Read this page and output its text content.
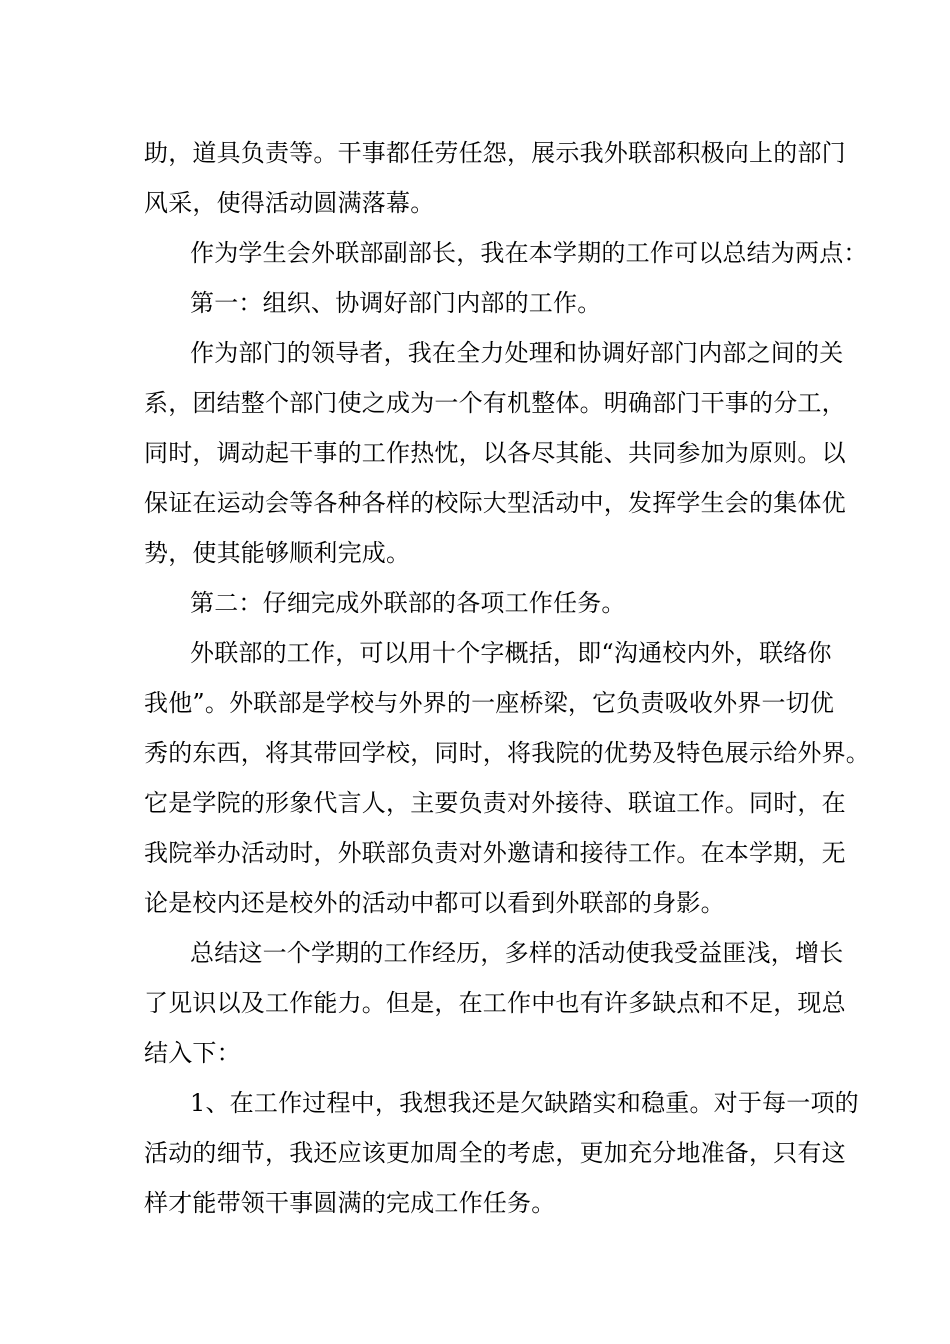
助，道具负责等。干事都任劳任怨，展示我外联部积极向上的部门
风采，使得活动圆满落幕。
作为学生会外联部副部长，我在本学期的工作可以总结为两点：
第一：组织、协调好部门内部的工作。
作为部门的领导者，我在全力处理和协调好部门内部之间的关
系，团结整个部门使之成为一个有机整体。明确部门干事的分工，
同时，调动起干事的工作热忱，以各尽其能、共同参加为原则。以
保证在运动会等各种各样的校际大型活动中，发挥学生会的集体优
势，使其能够顺利完成。
第二：仔细完成外联部的各项工作任务。
外联部的工作，可以用十个字概括，即“沟通校内外，联络你
我他”。外联部是学校与外界的一座桥梁，它负责吸收外界一切优
秀的东西，将其带回学校，同时，将我院的优势及特色展示给外界。
它是学院的形象代言人，主要负责对外接待、联谊工作。同时，在
我院举办活动时，外联部负责对外邀请和接待工作。在本学期，无
论是校内还是校外的活动中都可以看到外联部的身影。
总结这一个学期的工作经历，多样的活动使我受益匪浅，增长
了见识以及工作能力。但是，在工作中也有许多缺点和不足，现总
结入下：
1、在工作过程中，我想我还是欠缺踏实和稳重。对于每一项的
活动的细节，我还应该更加周全的考虑，更加充分地准备，只有这
样才能带领干事圆满的完成工作任务。
